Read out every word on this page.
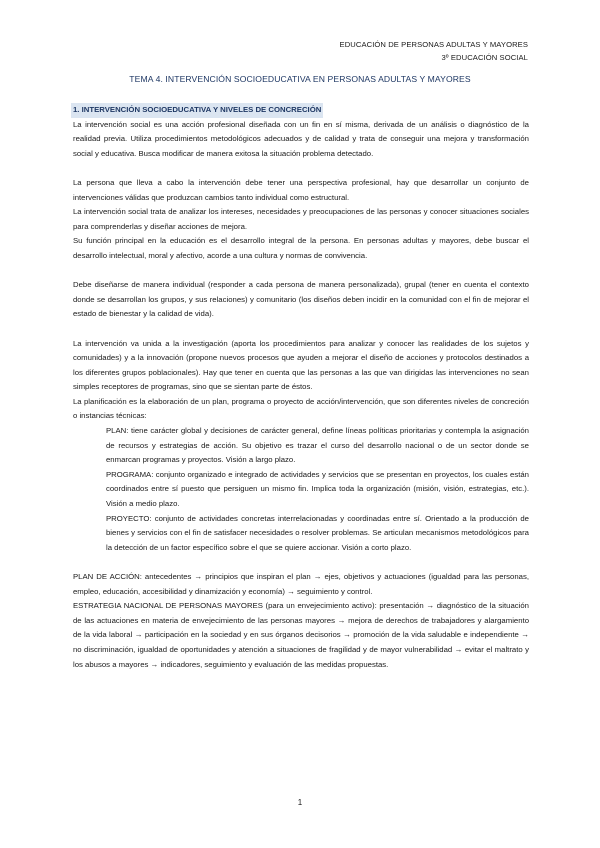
EDUCACIÓN DE PERSONAS ADULTAS Y MAYORES
3º EDUCACIÓN SOCIAL
TEMA 4. INTERVENCIÓN SOCIOEDUCATIVA EN PERSONAS ADULTAS Y MAYORES
1. INTERVENCIÓN SOCIOEDUCATIVA Y NIVELES DE CONCRECIÓN

La intervención social es una acción profesional diseñada con un fin en sí misma, derivada de un análisis o diagnóstico de la realidad previa. Utiliza procedimientos metodológicos adecuados y de calidad y trata de conseguir una mejora y transformación social y educativa. Busca modificar de manera exitosa la situación problema detectado.

La persona que lleva a cabo la intervención debe tener una perspectiva profesional, hay que desarrollar un conjunto de intervenciones válidas que produzcan cambios tanto individual como estructural.

La intervención social trata de analizar los intereses, necesidades y preocupaciones de las personas y conocer situaciones sociales para comprenderlas y diseñar acciones de mejora.

Su función principal en la educación es el desarrollo integral de la persona. En personas adultas y mayores, debe buscar el desarrollo intelectual, moral y afectivo, acorde a una cultura y normas de convivencia.

Debe diseñarse de manera individual (responder a cada persona de manera personalizada), grupal (tener en cuenta el contexto donde se desarrollan los grupos, y sus relaciones) y comunitario (los diseños deben incidir en la comunidad con el fin de mejorar el estado de bienestar y la calidad de vida).

La intervención va unida a la investigación (aporta los procedimientos para analizar y conocer las realidades de los sujetos y comunidades) y a la innovación (propone nuevos procesos que ayuden a mejorar el diseño de acciones y protocolos destinados a los diferentes grupos poblacionales). Hay que tener en cuenta que las personas a las que van dirigidas las intervenciones no sean simples receptores de programas, sino que se sientan parte de éstos.

La planificación es la elaboración de un plan, programa o proyecto de acción/intervención, que son diferentes niveles de concreción o instancias técnicas:

PLAN: tiene carácter global y decisiones de carácter general, define líneas políticas prioritarias y contempla la asignación de recursos y estrategias de acción. Su objetivo es trazar el curso del desarrollo nacional o de un sector donde se enmarcan programas y proyectos. Visión a largo plazo.

PROGRAMA: conjunto organizado e integrado de actividades y servicios que se presentan en proyectos, los cuales están coordinados entre sí puesto que persiguen un mismo fin. Implica toda la organización (misión, visión, estrategias, etc.). Visión a medio plazo.

PROYECTO: conjunto de actividades concretas interrelacionadas y coordinadas entre sí. Orientado a la producción de bienes y servicios con el fin de satisfacer necesidades o resolver problemas. Se articulan mecanismos metodológicos para la detección de un factor específico sobre el que se quiere accionar. Visión a corto plazo.

PLAN DE ACCIÓN: antecedentes → principios que inspiran el plan → ejes, objetivos y actuaciones (igualdad para las personas, empleo, educación, accesibilidad y dinamización y economía) → seguimiento y control.

ESTRATEGIA NACIONAL DE PERSONAS MAYORES (para un envejecimiento activo): presentación → diagnóstico de la situación de las actuaciones en materia de envejecimiento de las personas mayores → mejora de derechos de trabajadores y alargamiento de la vida laboral → participación en la sociedad y en sus órganos decisorios → promoción de la vida saludable e independiente → no discriminación, igualdad de oportunidades y atención a situaciones de fragilidad y de mayor vulnerabilidad → evitar el maltrato y los abusos a mayores → indicadores, seguimiento y evaluación de las medidas propuestas.

1
